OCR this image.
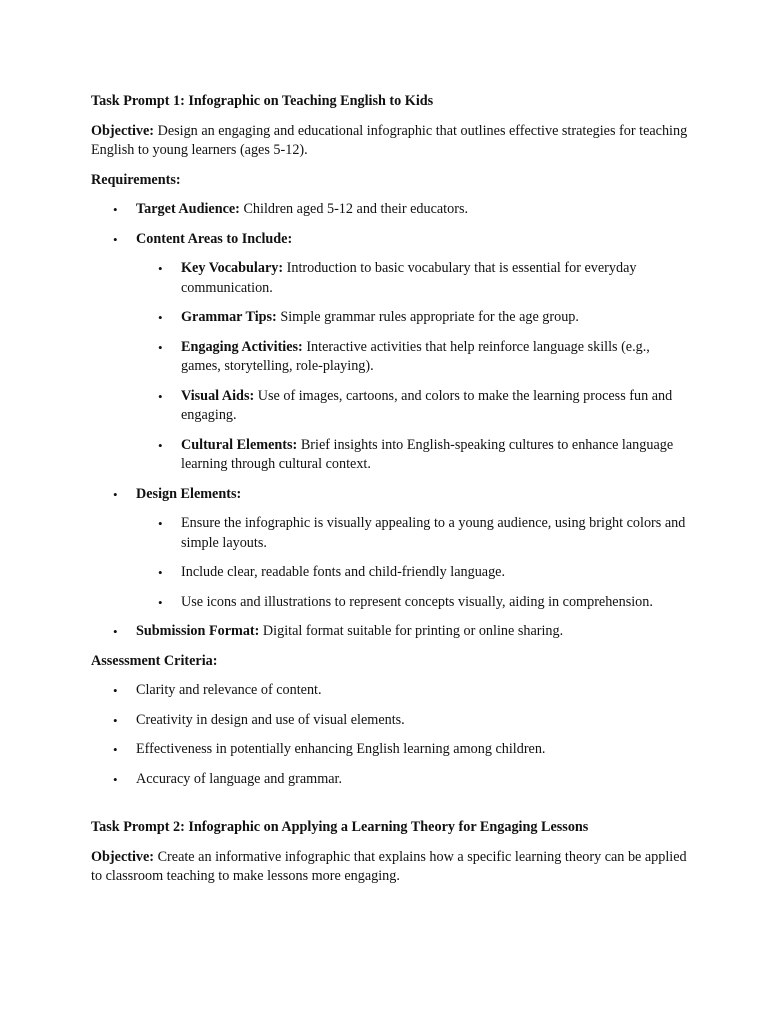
Task Prompt 1: Infographic on Teaching English to Kids
Objective: Design an engaging and educational infographic that outlines effective strategies for teaching English to young learners (ages 5-12).
Requirements:
• Target Audience: Children aged 5-12 and their educators.
• Content Areas to Include:
• Key Vocabulary: Introduction to basic vocabulary that is essential for everyday communication.
• Grammar Tips: Simple grammar rules appropriate for the age group.
• Engaging Activities: Interactive activities that help reinforce language skills (e.g., games, storytelling, role-playing).
• Visual Aids: Use of images, cartoons, and colors to make the learning process fun and engaging.
• Cultural Elements: Brief insights into English-speaking cultures to enhance language learning through cultural context.
• Design Elements:
• Ensure the infographic is visually appealing to a young audience, using bright colors and simple layouts.
• Include clear, readable fonts and child-friendly language.
• Use icons and illustrations to represent concepts visually, aiding in comprehension.
• Submission Format: Digital format suitable for printing or online sharing.
Assessment Criteria:
• Clarity and relevance of content.
• Creativity in design and use of visual elements.
• Effectiveness in potentially enhancing English learning among children.
• Accuracy of language and grammar.
Task Prompt 2: Infographic on Applying a Learning Theory for Engaging Lessons
Objective: Create an informative infographic that explains how a specific learning theory can be applied to classroom teaching to make lessons more engaging.
